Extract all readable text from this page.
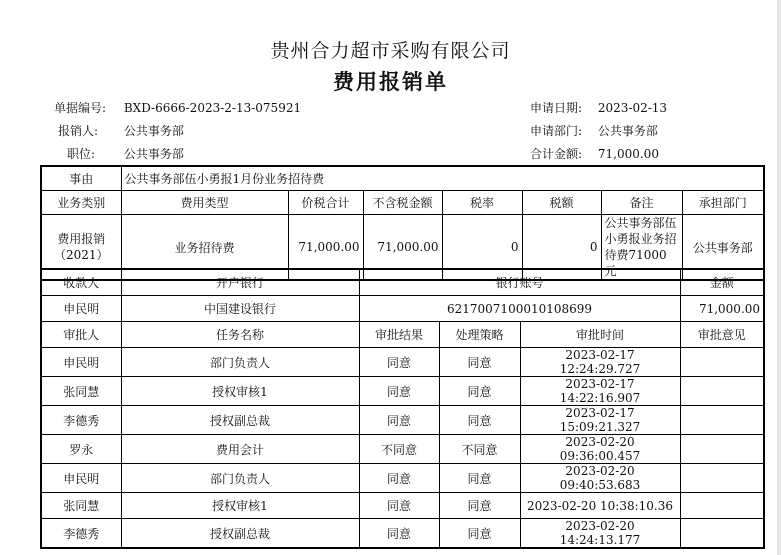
贵州合力超市采购有限公司
费用报销单
单据编号: BXD-6666-2023-2-13-075921
报销人: 公共事务部
职位: 公共事务部
申请日期: 2023-02-13
申请部门: 公共事务部
合计金额: 71,000.00
事由	公共事务部伍小勇报1月份业务招待费						
业务类别	费用类型	价税合计	不含税金额	税率	税额	备注	承担部门
费用报销（2021）	业务招待费	71,000.00	71,000.00	0	0	公共事务部伍小勇报业务招待费71000元	公共事务部
收款人	开户银行	银行账号			金额
申民明	中国建设银行	6217007100010108699			71,000.00
审批人	任务名称	审批结果	处理策略	审批时间	审批意见
申民明	部门负责人	同意	同意	2023-02-17 12:24:29.727	
张同慧	授权审核1	同意	同意	2023-02-17 14:22:16.907	
李德秀	授权副总裁	同意	同意	2023-02-17 15:09:21.327	
罗永	费用会计	不同意	不同意	2023-02-20 09:36:00.457	
申民明	部门负责人	同意	同意	2023-02-20 09:40:53.683	
张同慧	授权审核1	同意	同意	2023-02-20 10:38:10.36	
李德秀	授权副总裁	同意	同意	2023-02-20 14:24:13.177	
